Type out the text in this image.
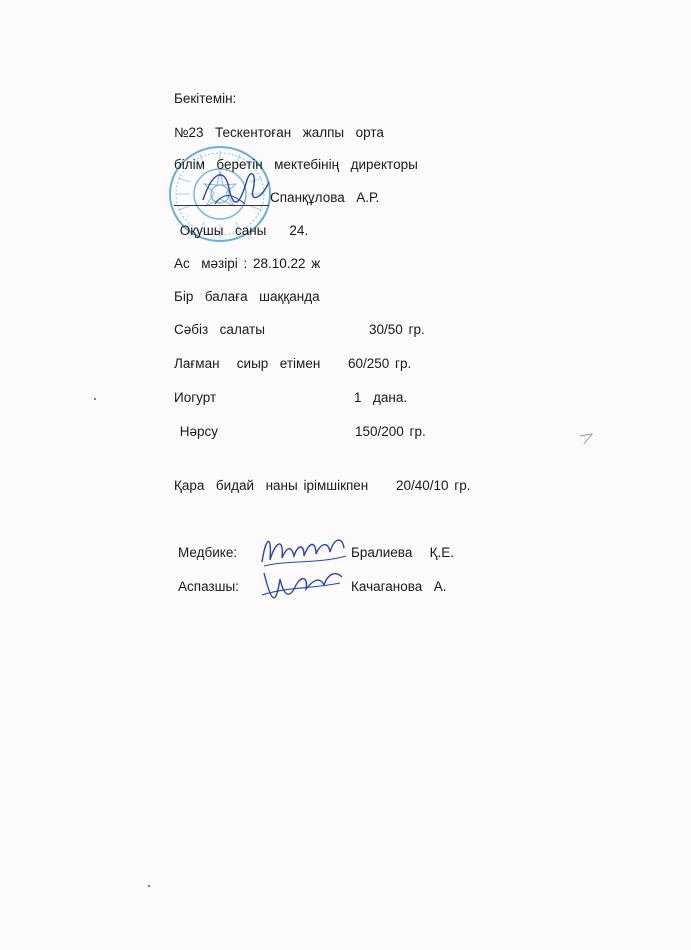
Бекітемін:
№23  Тескентоған  жалпы  орта
білім  беретін  мектебінің  директоры
Спанқұлова  А.Р.
Оқушы  саны    24.
Ас  мәзірі : 28.10.22 ж
Бір  балаға  шаққанда
Сәбіз  салаты	30/50 гр.
Лағман   сиыр  етімен 60/250 гр.
Иогурт	1  дана.
Нәрсу	150/200 гр.
Қара  бидай  наны ірімшікпен 20/40/10 гр.
Медбике:	Бралиева   Қ.Е.
Аспазшы:	Качаганова  А.
